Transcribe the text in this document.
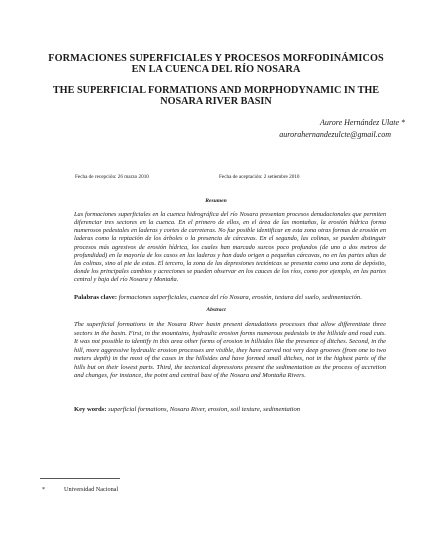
FORMACIONES SUPERFICIALES Y PROCESOS MORFODINÁMICOS EN LA CUENCA DEL RÍO NOSARA
THE SUPERFICIAL FORMATIONS AND MORPHODYNAMIC IN THE NOSARA RIVER BASIN
Aurore Hernández Ulate *
aurorahernandezulcte@gmail.com
Fecha de recepción: 26 marzo 2010	Fecha de aceptación: 2 setiembre 2010
Resumen
Las formaciones superficiales en la cuenca hidrográfica del río Nosara presentan procesos denudacionales que permiten diferenciar tres sectores en la cuenca. En el primero de ellos, en el área de las montañas, la erosión hídrica forma numerosos pedestales en laderas y cortes de carreteras. No fue posible identificar en esta zona otras formas de erosión en laderas como la reptación de los árboles o la presencia de cárcavas. En el segundo, las colinas, se pueden distinguir procesos más agresivos de erosión hídrica, los cuales han marcado surcos poco profundos (de uno a dos metros de profundidad) en la mayoría de los casos en las laderas y han dado origen a pequeñas cárcavas, no en las partes altas de las colinas, sino al pie de estas. El tercero, la zona de las depresiones tectónicas se presenta como una zona de depósito, donde los principales cambios y acreciones se pueden observar en los cauces de los ríos, como por ejemplo, en las partes central y baja del río Nosara y Montaña.
Palabras clave: formaciones superficiales, cuenca del río Nosara, erosión, textura del suelo, sedimentación.
Abstract
The superficial formations in the Nosara River basin present denudations processes that allow differentiate three sectors in the basin. First, in the mountains, hydraulic erosion forms numerous pedestals in the hillside and road cuts. It was not possible to identify in this area other forms of erosion in hillsides like the presence of ditches. Second, in the hill, more aggressive hydraulic erosion processes are visible, they have carved not very deep grooves (from one to two meters depth) in the most of the cases in the hillsides and have formed small ditches, not in the highest parts of the hills but on their lowest parts. Third, the tectonical depressions present the sedimentation as the process of accretion and changes, for instance, the point and central basi of the Nosara and Montaña Rivers.
Key words: superficial formations, Nosara River, erosion, soil texture, sedimentation
*	Universidad Nacional
